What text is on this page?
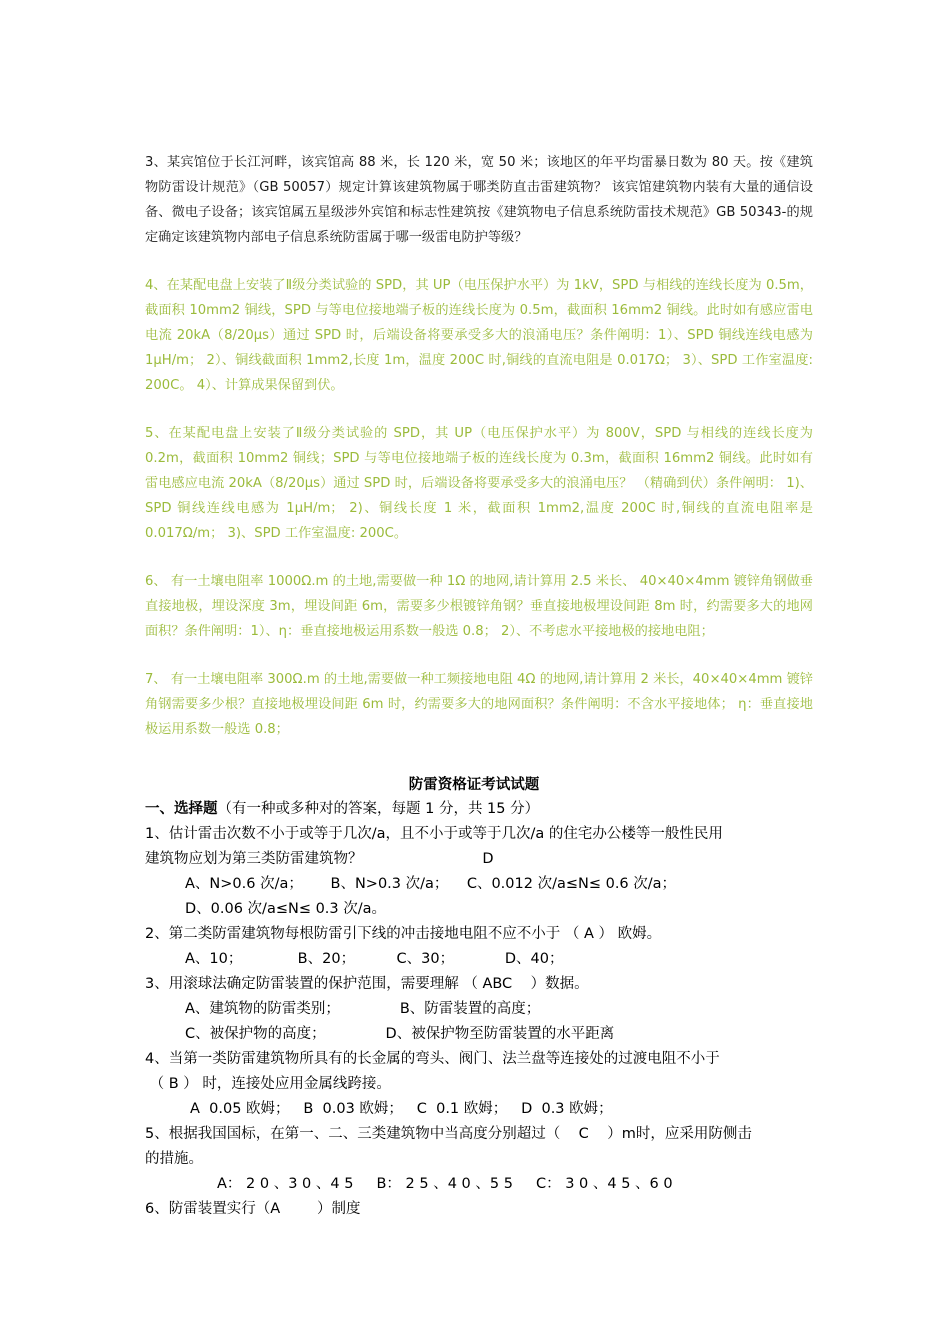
3、某宾馆位于长江河畔，该宾馆高 88 米，长 120 米，宽 50 米；该地区的年平均雷暴日数为 80 天。按《建筑物防雷设计规范》（GB 50057）规定计算该建筑物属于哪类防直击雷建筑物？ 该宾馆建筑物内装有大量的通信设备、微电子设备；该宾馆属五星级涉外宾馆和标志性建筑按《建筑物电子信息系统防雷技术规范》GB 50343-的规定确定该建筑物内部电子信息系统防雷属于哪一级雷电防护等级？

4、在某配电盘上安装了Ⅱ级分类试验的 SPD，其 UP（电压保护水平）为 1kV，SPD 与相线的连线长度为 0.5m，截面积 10mm2 铜线，SPD 与等电位接地端子板的连线长度为 0.5m，截面积 16mm2 铜线。此时如有感应雷电电流 20kA（8/20μs）通过 SPD 时，后端设备将要承受多大的浪涌电压？条件阐明：1）、SPD 铜线连线电感为 1μH/m； 2）、铜线截面积 1mm2,长度 1m，温度 200C 时,铜线的直流电阻是 0.017Ω； 3）、SPD 工作室温度: 200C。 4）、计算成果保留到伏。

5、在某配电盘上安装了Ⅱ级分类试验的 SPD，其 UP（电压保护水平）为 800V，SPD 与相线的连线长度为 0.2m，截面积 10mm2 铜线；SPD 与等电位接地端子板的连线长度为 0.3m，截面积 16mm2 铜线。此时如有雷电感应电流 20kA（8/20μs）通过 SPD 时，后端设备将要承受多大的浪涌电压？ （精确到伏）条件阐明： 1)、SPD 铜线连线电感为 1μH/m； 2)、铜线长度 1 米，截面积 1mm2,温度 200C 时,铜线的直流电阻率是 0.017Ω/m； 3)、SPD 工作室温度: 200C。

6、 有一土壤电阻率 1000Ω.m 的土地,需要做一种 1Ω 的地网,请计算用 2.5 米长、 40×40×4mm 镀锌角钢做垂直接地极，埋设深度 3m，埋设间距 6m，需要多少根镀锌角钢？垂直接地极埋设间距 8m 时，约需要多大的地网面积？条件阐明：1）、η：垂直接地极运用系数一般选 0.8； 2）、不考虑水平接地极的接地电阻；

7、 有一土壤电阻率 300Ω.m 的土地,需要做一种工频接地电阻 4Ω 的地网,请计算用 2 米长，40×40×4mm 镀锌角钢需要多少根？直接地极埋设间距 6m 时，约需要多大的地网面积？条件阐明：不含水平接地体； η：垂直接地极运用系数一般选 0.8；

防雷资格证考试试题

一、选择题（有一种或多种对的答案，每题 1 分，共 15 分）

1、估计雷击次数不小于或等于几次/a，且不小于或等于几次/a 的住宅办公楼等一般性民用

建筑物应划为第三类防雷建筑物？                          D

A、N>0.6 次/a；      B、N>0.3 次/a；    C、0.012 次/a≤N≤ 0.6 次/a；

D、0.06 次/a≤N≤ 0.3 次/a。

2、第二类防雷建筑物每根防雷引下线的冲击接地电阻不应不小于 （ A ） 欧姆。

A、10；            B、20；         C、30；           D、40；

3、用滚球法确定防雷装置的保护范围，需要理解 （ ABC    ）数据。

A、建筑物的防雷类别；             B、防雷装置的高度；

C、被保护物的高度；             D、被保护物至防雷装置的水平距离

4、当第一类防雷建筑物所具有的长金属的弯头、阀门、法兰盘等连接处的过渡电阻不小于

（ B ） 时，连接处应用金属线跨接。

A  0.05 欧姆；   B  0.03 欧姆；   C  0.1 欧姆；   D  0.3 欧姆；

5、根据我国国标，在第一、二、三类建筑物中当高度分别超过（    C    ）m时，应采用防侧击

的措施。

A： 2 0 、3 0 、4 5     B： 2 5 、4 0 、5 5     C： 3 0 、4 5 、6 0

6、防雷装置实行（A        ）制度
